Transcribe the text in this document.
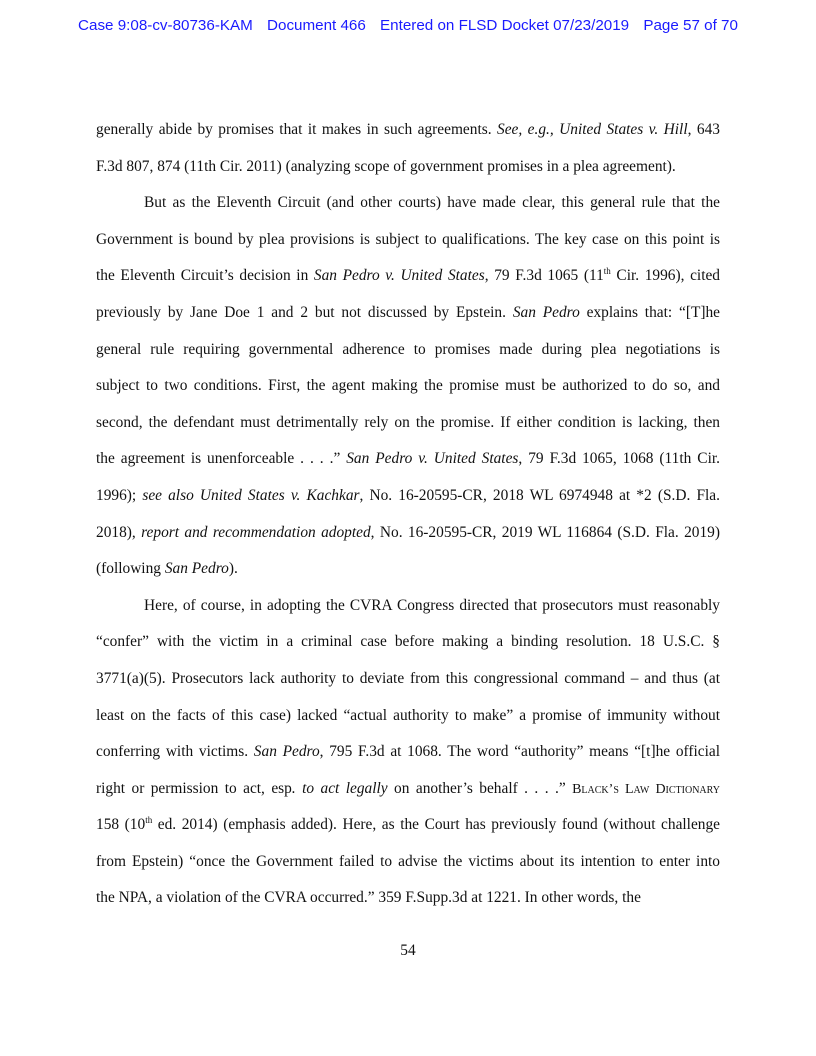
Case 9:08-cv-80736-KAM Document 466 Entered on FLSD Docket 07/23/2019 Page 57 of 70
generally abide by promises that it makes in such agreements. See, e.g., United States v. Hill, 643
F.3d 807, 874 (11th Cir. 2011) (analyzing scope of government promises in a plea agreement).
But as the Eleventh Circuit (and other courts) have made clear, this general rule that the
Government is bound by plea provisions is subject to qualifications. The key case on this point is
the Eleventh Circuit’s decision in San Pedro v. United States, 79 F.3d 1065 (11th Cir. 1996), cited
previously by Jane Doe 1 and 2 but not discussed by Epstein. San Pedro explains that: “[T]he
general rule requiring governmental adherence to promises made during plea negotiations is
subject to two conditions. First, the agent making the promise must be authorized to do so, and
second, the defendant must detrimentally rely on the promise. If either condition is lacking, then
the agreement is unenforceable . . . .” San Pedro v. United States, 79 F.3d 1065, 1068 (11th Cir.
1996); see also United States v. Kachkar, No. 16-20595-CR, 2018 WL 6974948 at *2 (S.D. Fla.
2018), report and recommendation adopted, No. 16-20595-CR, 2019 WL 116864 (S.D. Fla. 2019)
(following San Pedro).
Here, of course, in adopting the CVRA Congress directed that prosecutors must reasonably
“confer” with the victim in a criminal case before making a binding resolution. 18 U.S.C. §
3771(a)(5). Prosecutors lack authority to deviate from this congressional command – and thus (at
least on the facts of this case) lacked “actual authority to make” a promise of immunity without
conferring with victims. San Pedro, 795 F.3d at 1068. The word “authority” means “[t]he official
right or permission to act, esp. to act legally on another’s behalf . . . .” Black’s Law Dictionary
158 (10th ed. 2014) (emphasis added). Here, as the Court has previously found (without challenge
from Epstein) “once the Government failed to advise the victims about its intention to enter into
the NPA, a violation of the CVRA occurred.” 359 F.Supp.3d at 1221. In other words, the
54
